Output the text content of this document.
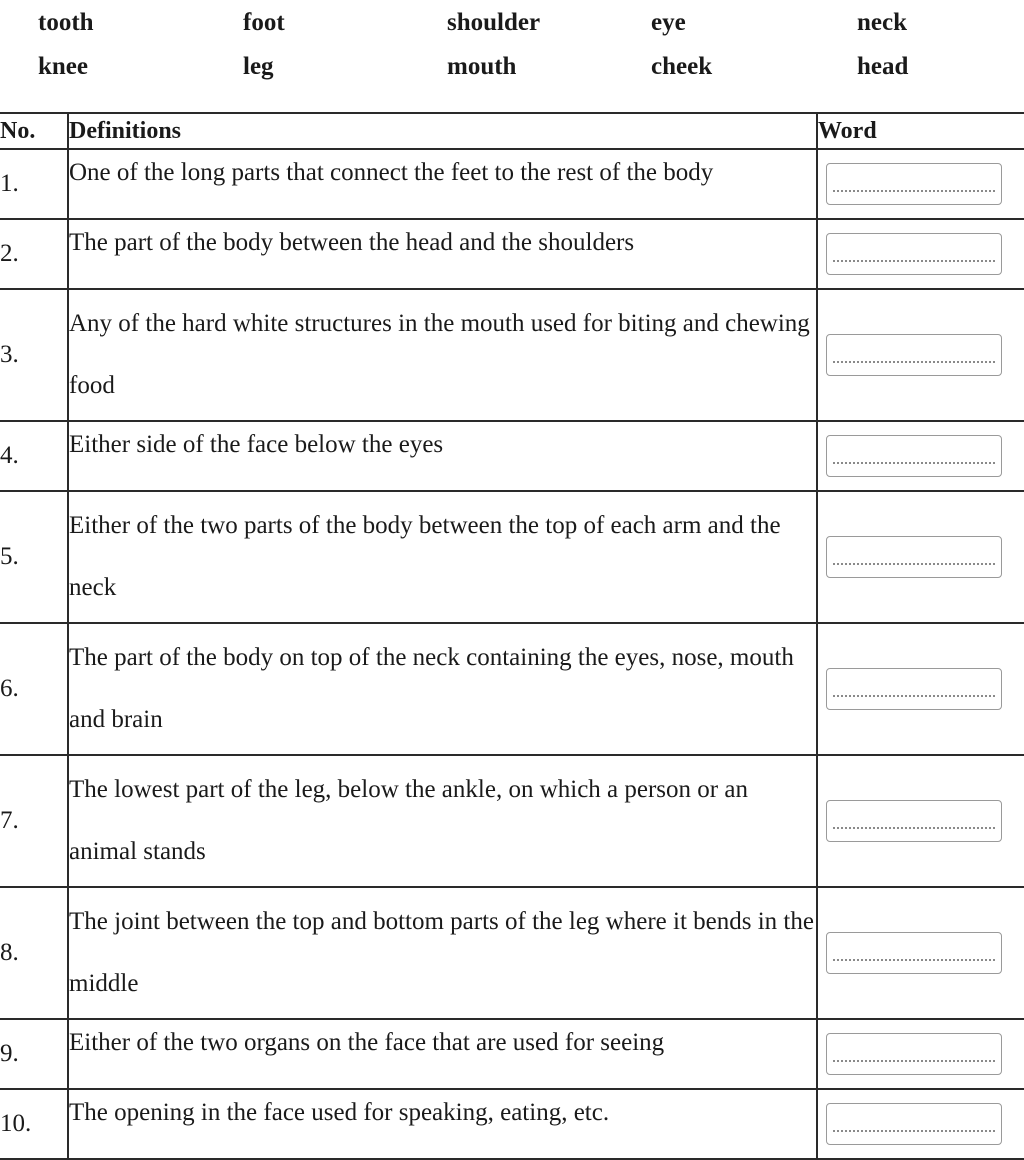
tooth	foot	shoulder	eye	neck
knee	leg	mouth	cheek	head
No.	Definitions	Word
1.	One of the long parts that connect the feet to the rest of the body	

2.	The part of the body between the head and the shoulders	

3.	Any of the hard white structures in the mouth used for biting and chewing food	

4.	Either side of the face below the eyes	

5.	Either of the two parts of the body between the top of each arm and the neck	

6.	The part of the body on top of the neck containing the eyes, nose, mouth and brain	

7.	The lowest part of the leg, below the ankle, on which a person or an animal stands	

8.	The joint between the top and bottom parts of the leg where it bends in the middle	

9.	Either of the two organs on the face that are used for seeing	

10.	The opening in the face used for speaking, eating, etc.	
